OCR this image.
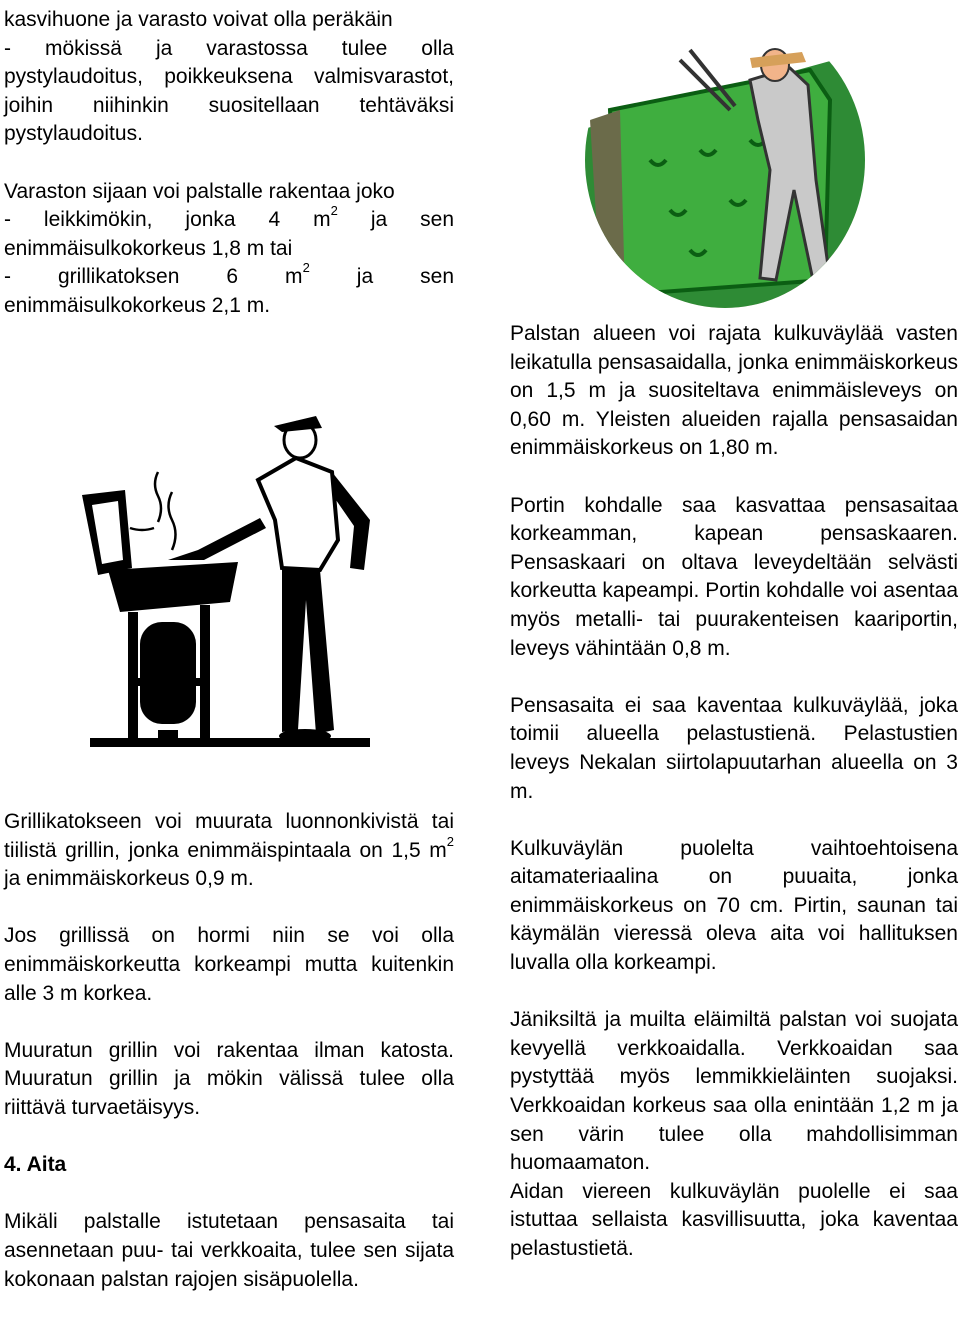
kasvihuone ja varasto voivat olla peräkäin

- mökissä ja varastossa tulee olla pystylaudoitus, poikkeuksena valmisvarastot, joihin niihinkin suositellaan tehtäväksi pystylaudoitus.

Varaston sijaan voi palstalle rakentaa joko

- leikkimökin, jonka 4 $m^2$ ja sen enimmäisulkokorkeus 1,8 m tai

- grillikatoksen 6 $m^2$ ja sen enimmäisulkokorkeus 2,1 m.

Grillikatokseen voi muurata luonnonkivistä tai tiilistä grillin, jonka enimmäispintaala on 1,5 $m^2$ ja enimmäiskorkeus 0,9 m.

Jos grillissä on hormi niin se voi olla enimmäiskorkeutta korkeampi mutta kuitenkin alle 3 m korkea.

Muuratun grillin voi rakentaa ilman katosta. Muuratun grillin ja mökin välissä tulee olla riittävä turvaetäisyys.

4. Aita

Mikäli palstalle istutetaan pensasaita tai asennetaan puu- tai verkkoaita, tulee sen sijata kokonaan palstan rajojen sisäpuolella.

Palstan alueen voi rajata kulkuväylää vasten leikatulla pensasaidalla, jonka enimmäiskorkeus on 1,5 m ja suositeltava enimmäisleveys on 0,60 m. Yleisten alueiden rajalla pensasaidan enimmäiskorkeus on 1,80 m.

Portin kohdalle saa kasvattaa pensasaitaa korkeamman, kapean pensaskaaren. Pensaskaari on oltava leveydeltään selvästi korkeutta kapeampi. Portin kohdalle voi asentaa myös metalli- tai puurakenteisen kaariportin, leveys vähintään 0,8 m.

Pensasaita ei saa kaventaa kulkuväylää, joka toimii alueella pelastustienä. Pelastustien leveys Nekalan siirtolapuutarhan alueella on 3 m.

Kulkuväylän puolelta vaihtoehtoisena aitamateriaalina on puuaita, jonka enimmäiskorkeus on 70 cm. Pirtin, saunan tai käymälän vieressä oleva aita voi hallituksen luvalla olla korkeampi.

Jäniksiltä ja muilta eläimiltä palstan voi suojata kevyellä verkkoaidalla. Verkkoaidan saa pystyttää myös lemmikkieläinten suojaksi. Verkkoaidan korkeus saa olla enintään 1,2 m ja sen värin tulee olla mahdollisimman huomaamaton.

Aidan viereen kulkuväylän puolelle ei saa istuttaa sellaista kasvillisuutta, joka kaventaa pelastustietä.
